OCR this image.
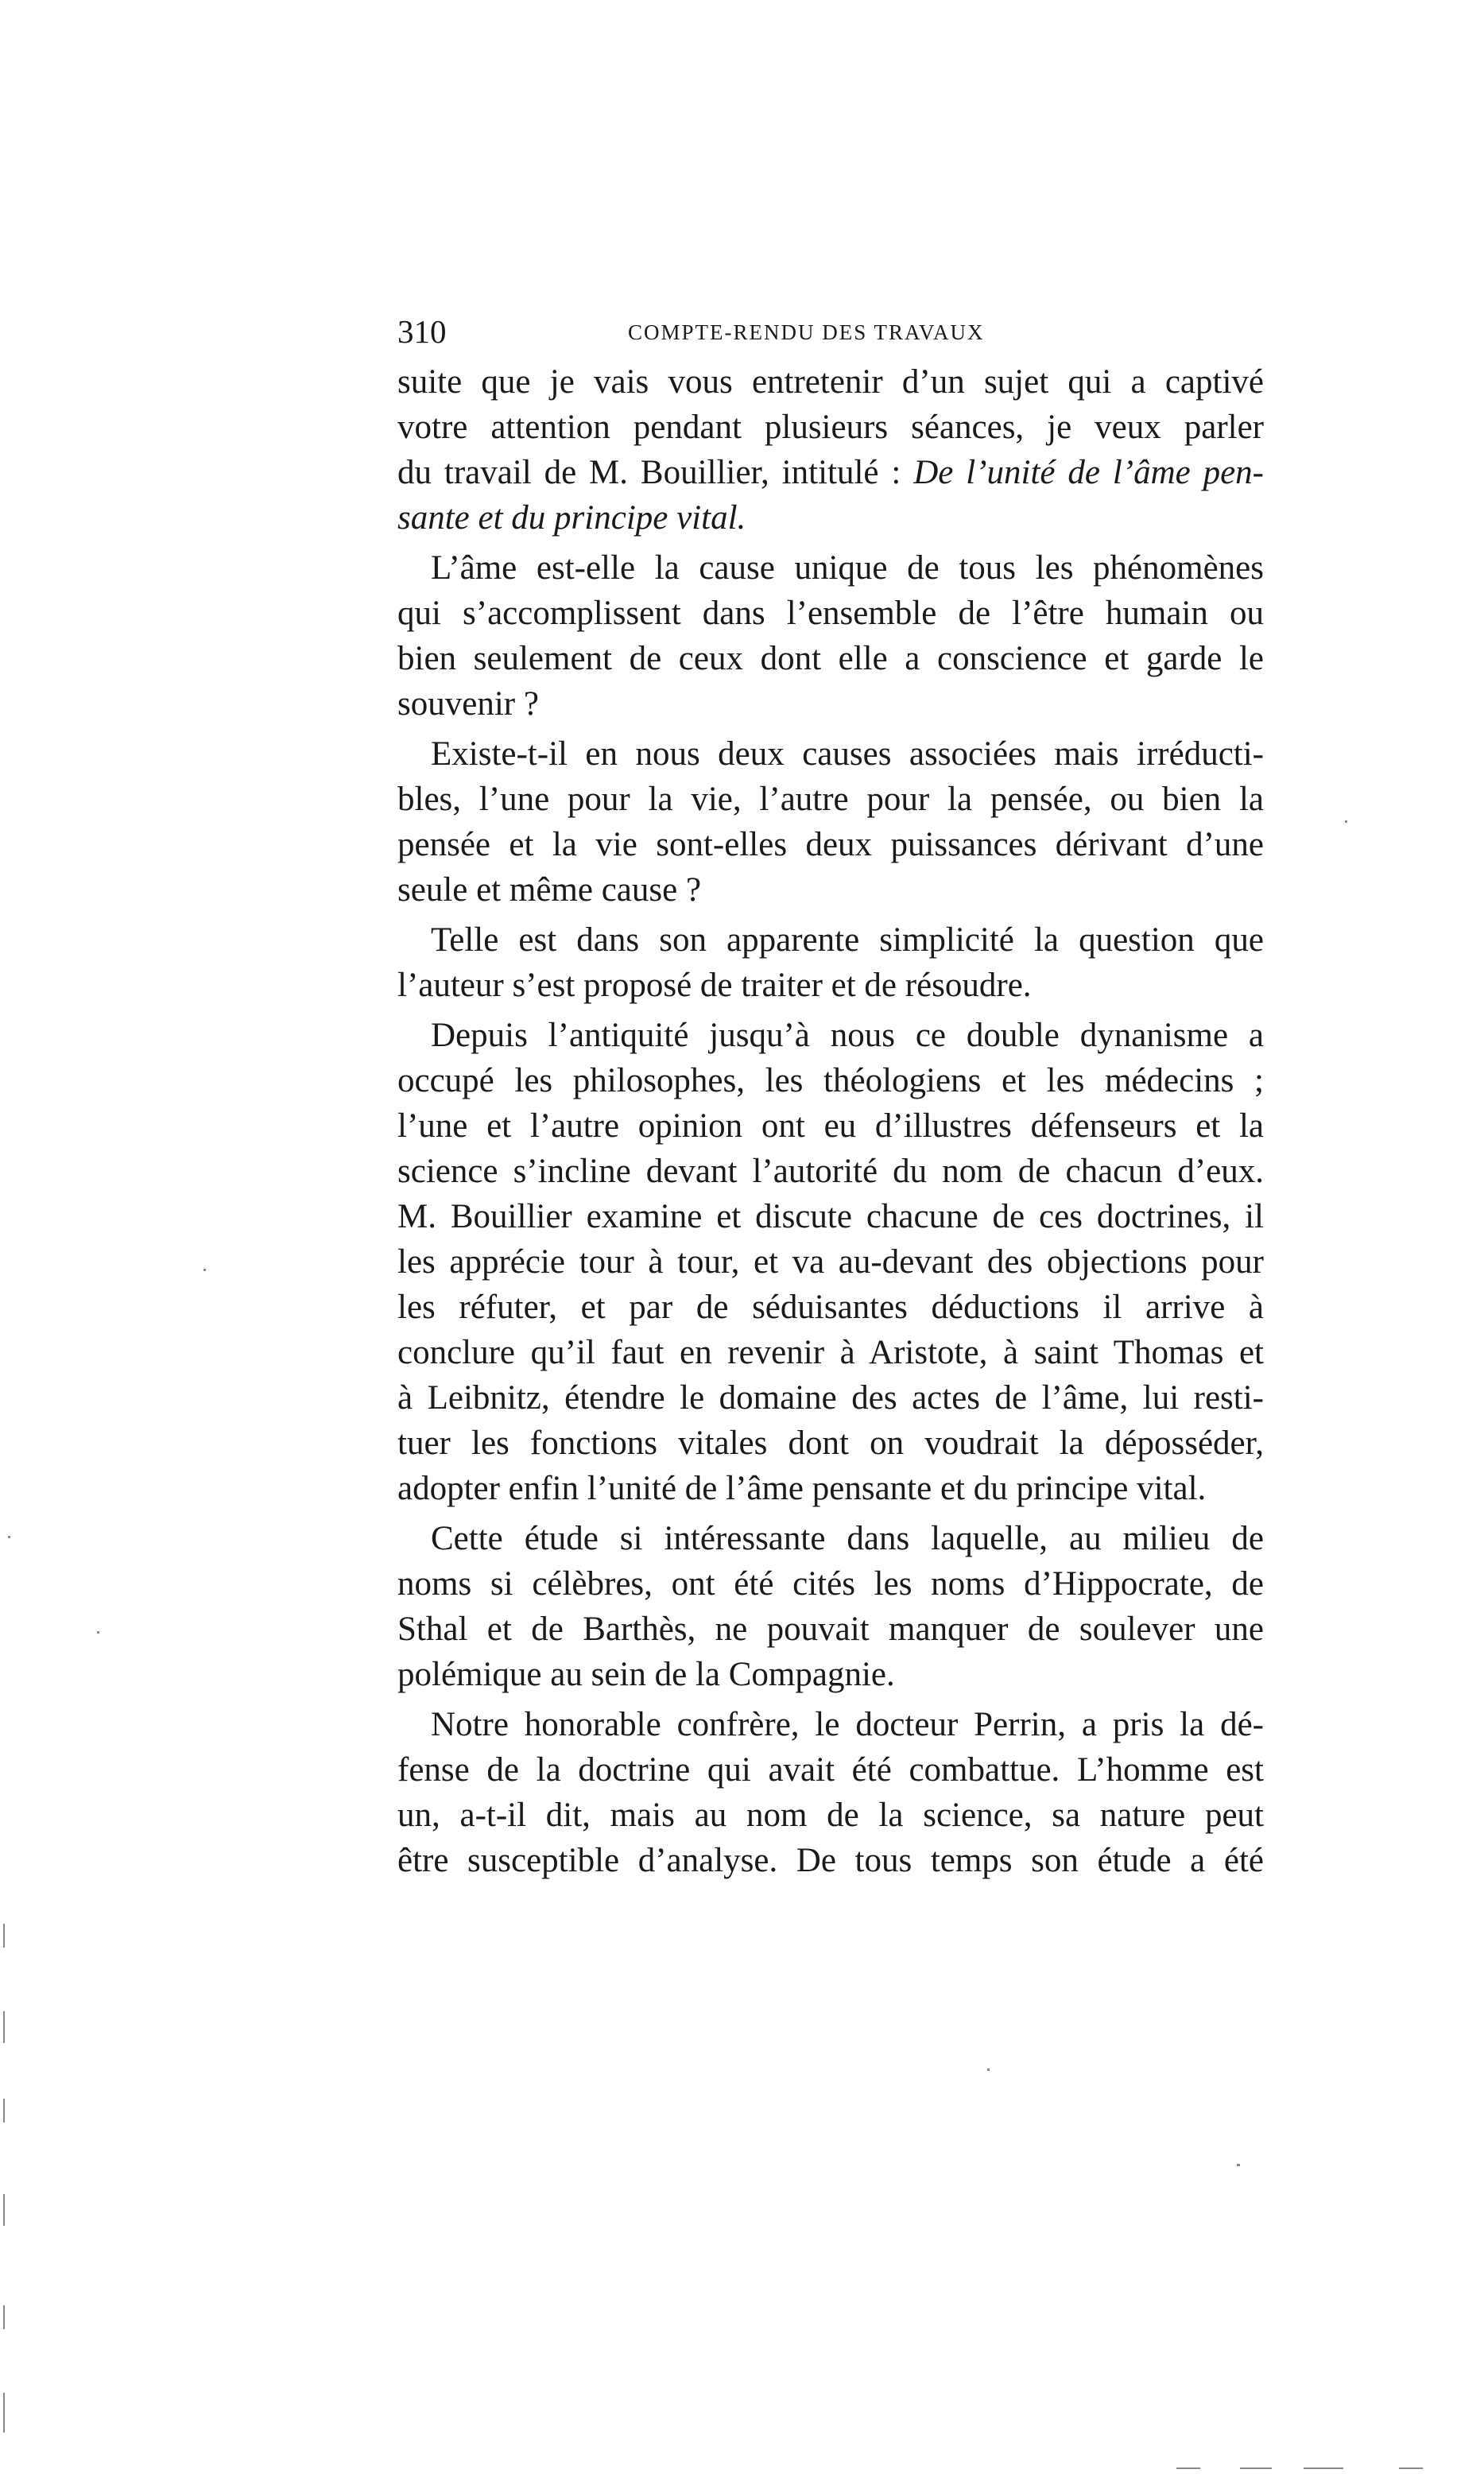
310	COMPTE-RENDU DES TRAVAUX
suite que je vais vous entretenir d’un sujet qui a captivé
votre attention pendant plusieurs séances, je veux parler
du travail de M. Bouillier, intitulé : De l’unité de l’âme pen-
sante et du principe vital.
L’âme est-elle la cause unique de tous les phénomènes
qui s’accomplissent dans l’ensemble de l’être humain ou
bien seulement de ceux dont elle a conscience et garde le
souvenir ?
Existe-t-il en nous deux causes associées mais irréducti-
bles, l’une pour la vie, l’autre pour la pensée, ou bien la
pensée et la vie sont-elles deux puissances dérivant d’une
seule et même cause ?
Telle est dans son apparente simplicité la question que
l’auteur s’est proposé de traiter et de résoudre.
Depuis l’antiquité jusqu’à nous ce double dynanisme a
occupé les philosophes, les théologiens et les médecins ;
l’une et l’autre opinion ont eu d’illustres défenseurs et la
science s’incline devant l’autorité du nom de chacun d’eux.
M. Bouillier examine et discute chacune de ces doctrines, il
les apprécie tour à tour, et va au-devant des objections pour
les réfuter, et par de séduisantes déductions il arrive à
conclure qu’il faut en revenir à Aristote, à saint Thomas et
à Leibnitz, étendre le domaine des actes de l’âme, lui resti-
tuer les fonctions vitales dont on voudrait la déposséder,
adopter enfin l’unité de l’âme pensante et du principe vital.
Cette étude si intéressante dans laquelle, au milieu de
noms si célèbres, ont été cités les noms d’Hippocrate, de
Sthal et de Barthès, ne pouvait manquer de soulever une
polémique au sein de la Compagnie.
Notre honorable confrère, le docteur Perrin, a pris la dé-
fense de la doctrine qui avait été combattue. L’homme est
un, a-t-il dit, mais au nom de la science, sa nature peut
être susceptible d’analyse. De tous temps son étude a été
